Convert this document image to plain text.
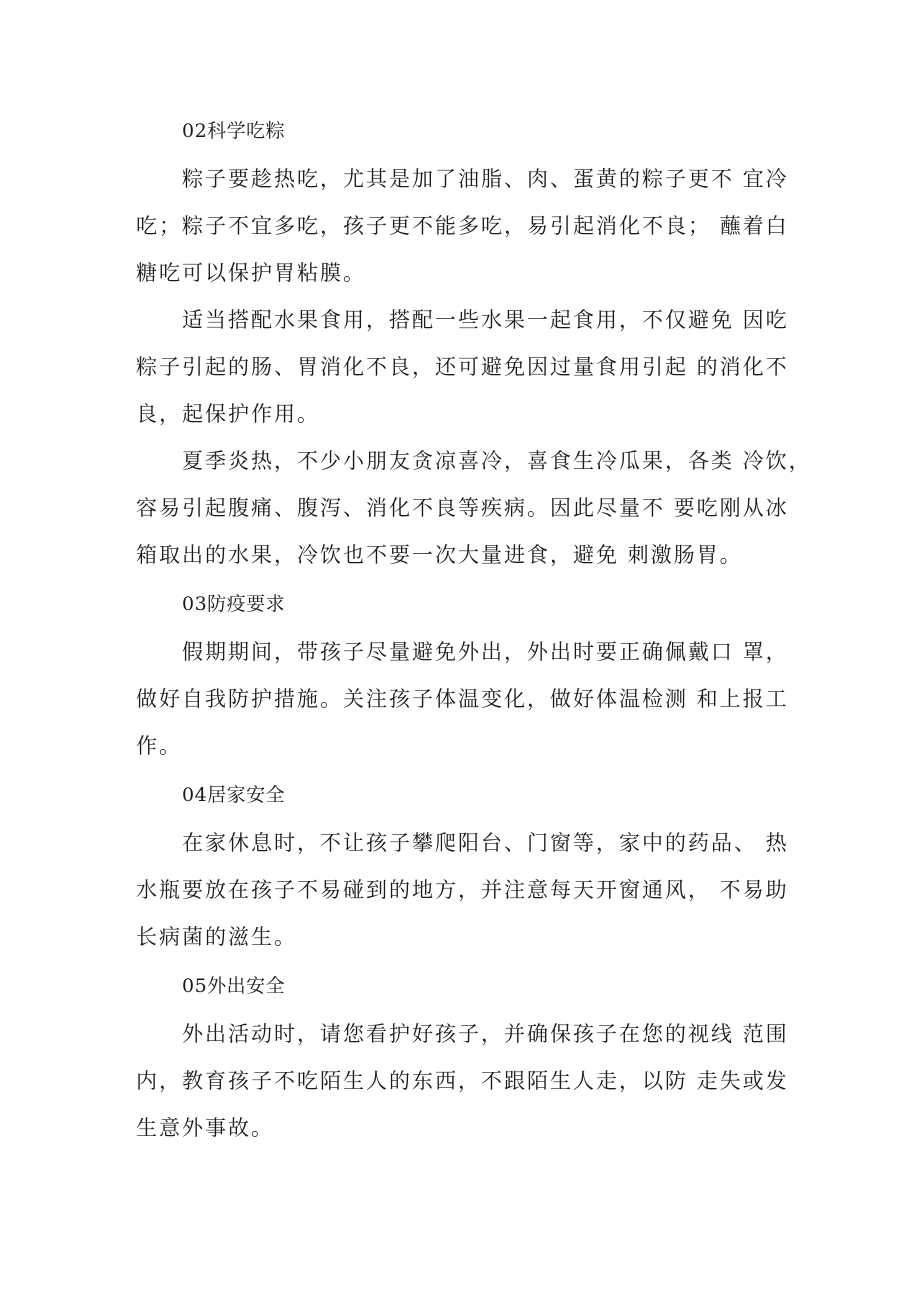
02科学吃粽
粽子要趁热吃，尤其是加了油脂、肉、蛋黄的粽子更不 宜冷
吃；粽子不宜多吃，孩子更不能多吃，易引起消化不良； 蘸着白
糖吃可以保护胃粘膜。
适当搭配水果食用，搭配一些水果一起食用，不仅避免 因吃
粽子引起的肠、胃消化不良，还可避免因过量食用引起 的消化不
良，起保护作用。
夏季炎热，不少小朋友贪凉喜冷，喜食生冷瓜果，各类 冷饮，
容易引起腹痛、腹泻、消化不良等疾病。因此尽量不 要吃刚从冰
箱取出的水果，冷饮也不要一次大量进食，避免 刺激肠胃。
03防疫要求
假期期间，带孩子尽量避免外出，外出时要正确佩戴口 罩，
做好自我防护措施。关注孩子体温变化，做好体温检测 和上报工
作。
04居家安全
在家休息时，不让孩子攀爬阳台、门窗等，家中的药品、 热
水瓶要放在孩子不易碰到的地方，并注意每天开窗通风， 不易助
长病菌的滋生。
05外出安全
外出活动时，请您看护好孩子，并确保孩子在您的视线 范围
内，教育孩子不吃陌生人的东西，不跟陌生人走，以防 走失或发
生意外事故。
